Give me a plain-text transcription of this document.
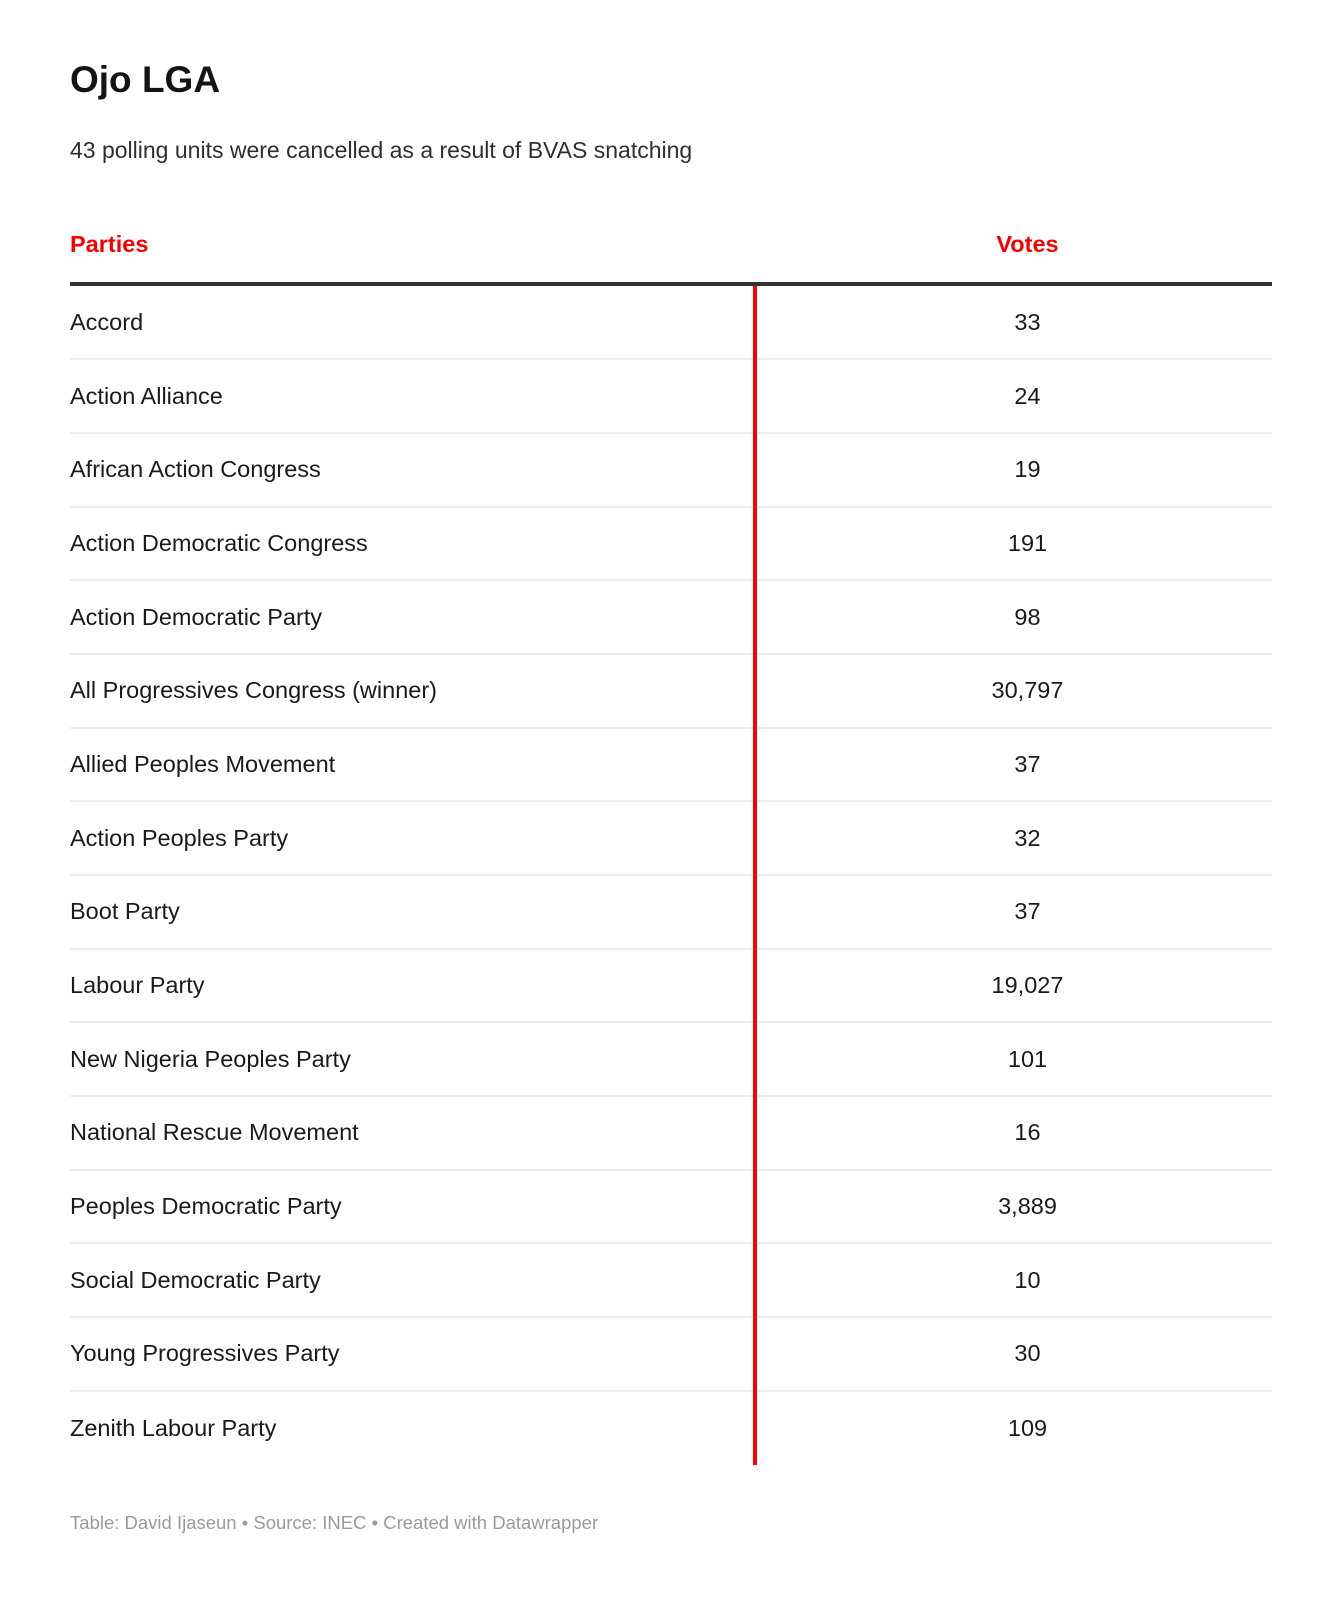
Ojo LGA

43 polling units were cancelled as a result of BVAS snatching

Parties	Votes
Accord	33
Action Alliance	24
African Action Congress	19
Action Democratic Congress	191
Action Democratic Party	98
All Progressives Congress (winner)	30,797
Allied Peoples Movement	37
Action Peoples Party	32
Boot Party	37
Labour Party	19,027
New Nigeria Peoples Party	101
National Rescue Movement	16
Peoples Democratic Party	3,889
Social Democratic Party	10
Young Progressives Party	30
Zenith Labour Party	109
Table: David Ijaseun • Source: INEC • Created with Datawrapper
